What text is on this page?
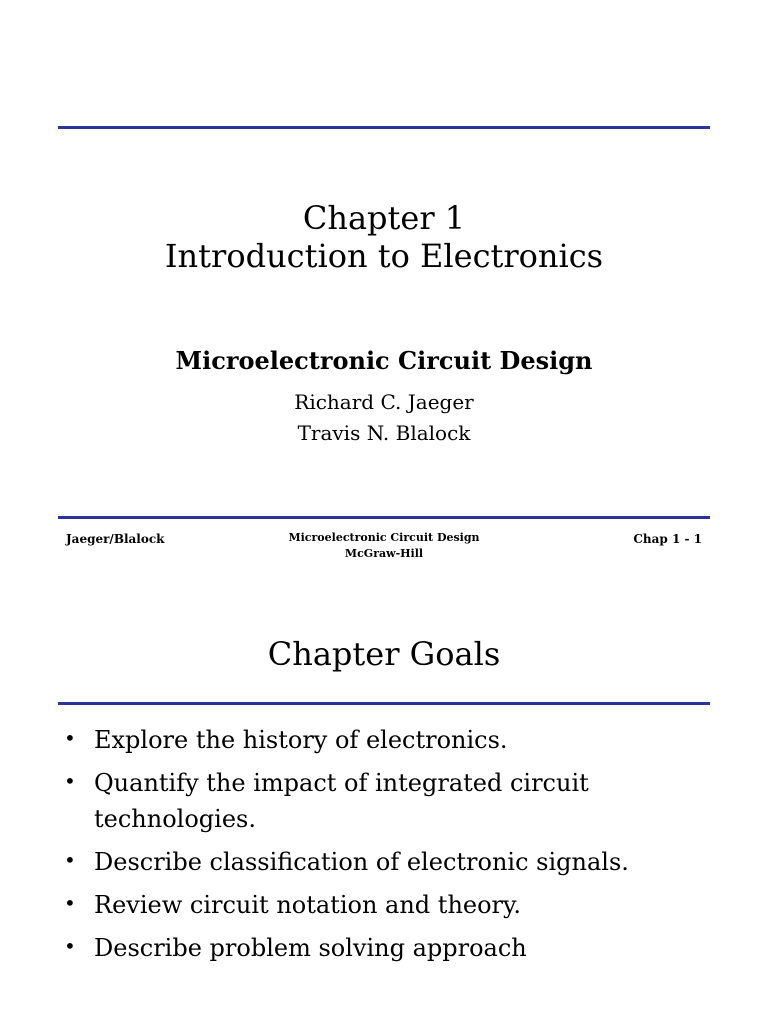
Chapter 1
Introduction to Electronics
Microelectronic Circuit Design
Richard C. Jaeger
Travis N. Blalock
Jaeger/Blalock	Microelectronic Circuit Design
McGraw-Hill
Chap 1 - 1
Chapter Goals
• Explore the history of electronics.
• Quantify the impact of integrated circuit technologies.
• Describe classification of electronic signals.
• Review circuit notation and theory.
• Describe problem solving approach
